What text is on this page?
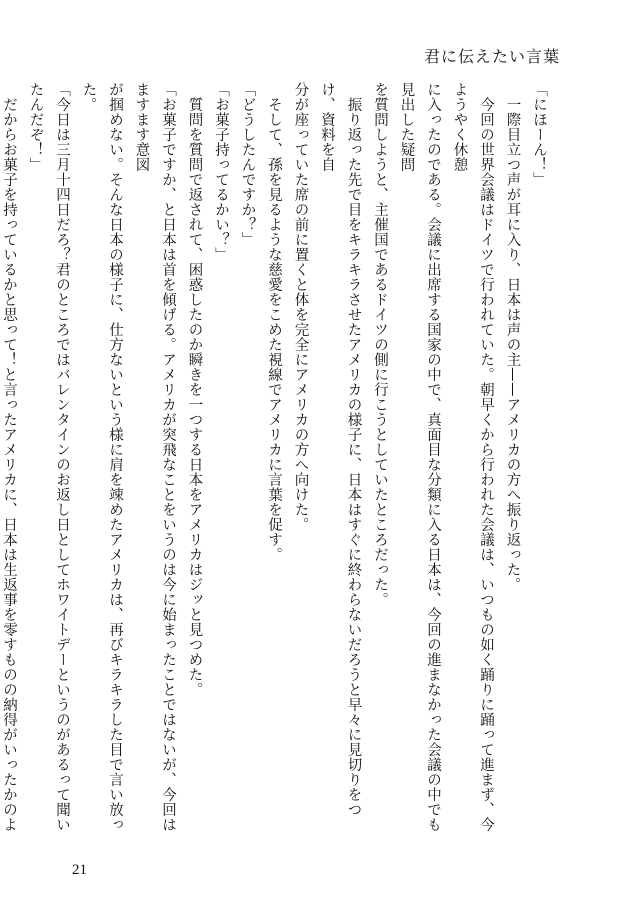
君に伝えたい言葉

「にほーん！」

　一際目立つ声が耳に入り、日本は声の主——アメリカの方へ振り返った。

　今回の世界会議はドイツで行われていた。朝早くから行われた会議は、いつもの如く踊りに踊って進まず、今ようやく休憩

に入ったのである。会議に出席する国家の中で、真面目な分類に入る日本は、今回の進まなかった会議の中でも見出した疑問

を質問しようと、主催国であるドイツの側に行こうとしていたところだった。

　振り返った先で目をキラキラさせたアメリカの様子に、日本はすぐに終わらないだろうと早々に見切りをつけ、資料を自

分が座っていた席の前に置くと体を完全にアメリカの方へ向けた。

　そして、孫を見るような慈愛をこめた視線でアメリカに言葉を促す。

「どうしたんですか？」

「お菓子持ってるかい？」

　質問を質問で返されて、困惑したのか瞬きを一つする日本をアメリカはジッと見つめた。

「お菓子ですか、と日本は首を傾げる。アメリカが突飛なことをいうのは今に始まったことではないが、今回はますます意図

が掴めない。そんな日本の様子に、仕方ないという様に肩を竦めたアメリカは、再びキラキラした目で言い放った。

「今日は三月十四日だろ？君のところではバレンタインのお返し日としてホワイトデーというのがあるって聞いたんだぞ！」

　だからお菓子を持っているかと思って！と言ったアメリカに、日本は生返事を零すものの納得がいったかのよ

21
